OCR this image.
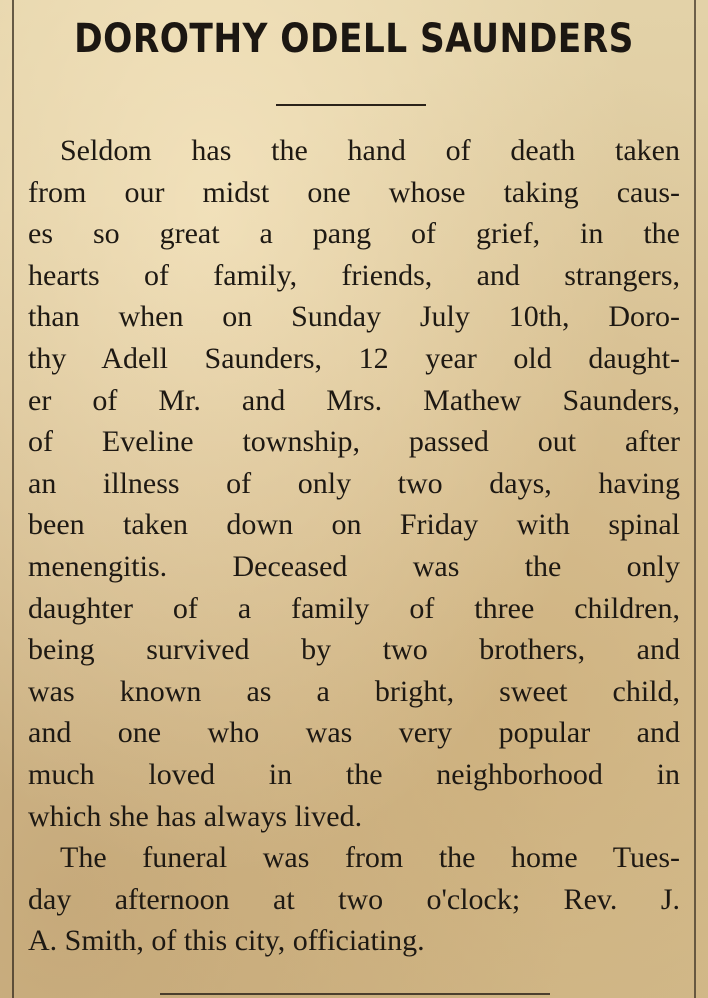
DOROTHY ODELL SAUNDERS
Seldom has the hand of death taken
from our midst one whose taking caus-
es so great a pang of grief, in the
hearts of family, friends, and strangers,
than when on Sunday July 10th, Doro-
thy Adell Saunders, 12 year old daught-
er of Mr. and Mrs. Mathew Saunders,
of Eveline township, passed out after
an illness of only two days, having
been taken down on Friday with spinal
menengitis. Deceased was the only
daughter of a family of three children,
being survived by two brothers, and
was known as a bright, sweet child,
and one who was very popular and
much loved in the neighborhood in
which she has always lived.
The funeral was from the home Tues-
day afternoon at two o'clock; Rev. J.
A. Smith, of this city, officiating.
